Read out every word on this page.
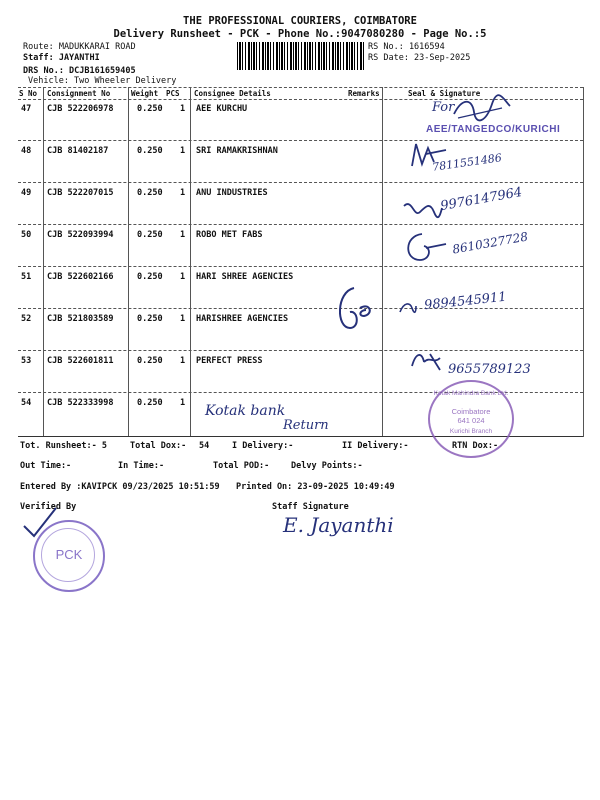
THE PROFESSIONAL COURIERS, COIMBATORE
Delivery Runsheet - PCK - Phone No.:9047080280 - Page No.:5
Route: MADUKKARAI ROAD
Staff: JAYANTHI
DRS No.: DCJB161659405
Vehicle: Two Wheeler Delivery
RS No.: 1616594
RS Date: 23-Sep-2025
S No Consignment No	Weight PCS Consignee Details	Remarks	Seal & Signature
47 CJB 522206978	0.250 1 AEE KURCHU
48 CJB 81402187	0.250 1 SRI RAMAKRISHNAN
49 CJB 522207015	0.250 1 ANU INDUSTRIES
50 CJB 522093994	0.250 1 ROBO MET FABS
51 CJB 522602166	0.250 1 HARI SHREE AGENCIES
52 CJB 521803589	0.250 1 HARISHREE AGENCIES
53 CJB 522601811	0.250 1 PERFECT PRESS
54 CJB 522333998	0.250 1
For
AEE/TANGEDCO/KURICHI
7811551486
9976147964
8610327728
9894545911
9655789123
Kotak bank
Return
Kotak Mahindra Bank Ltd.
Coimbatore
641 024
Kurichi Branch
Tot. Runsheet:- 5	Total Dox:- 54	I Delivery:-	II Delivery:-	RTN Dox:-
Out Time:-	In Time:-	Total POD:-	Delvy Points:-
Entered By :KAVIPCK 09/23/2025 10:51:59 Printed On: 23-09-2025 10:49:49
Verified By	Staff Signature
PCK
E. Jayanthi
